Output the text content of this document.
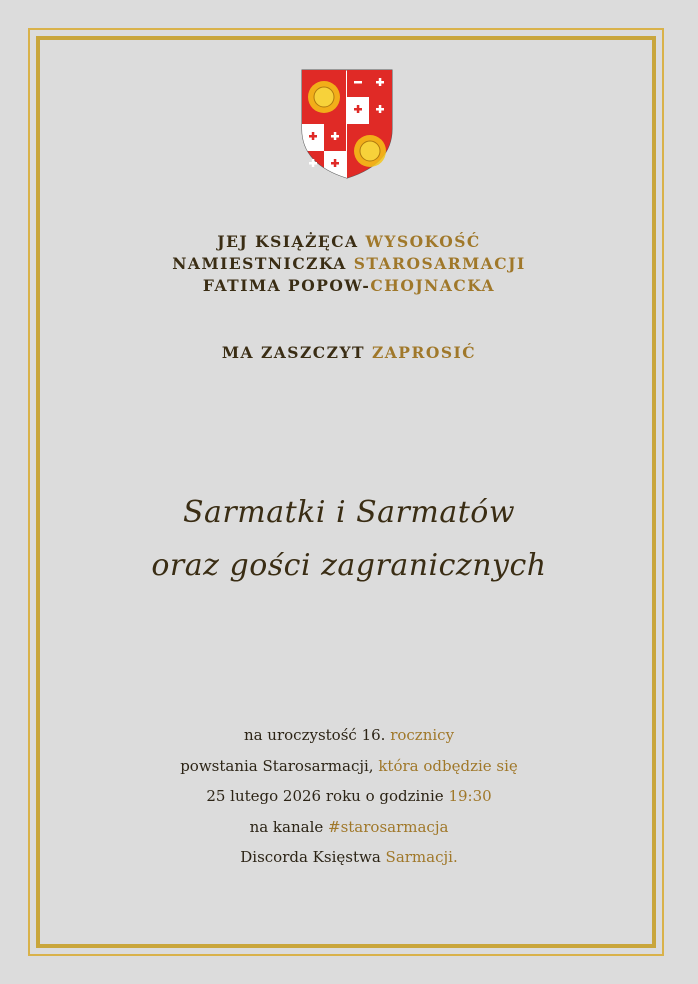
JEJ KSIĄŻĘCA WYSOKOŚĆ
NAMIESTNICZKA STAROSARMACJI
FATIMA POPOW-CHOJNACKA
MA ZASZCZYT ZAPROSIĆ
Sarmatki i Sarmatów
oraz gości zagranicznych
na uroczystość 16. rocznicy
powstania Starosarmacji, która odbędzie się
25 lutego 2026 roku o godzinie 19:30
na kanale #starosarmacja
Discorda Księstwa Sarmacji.
